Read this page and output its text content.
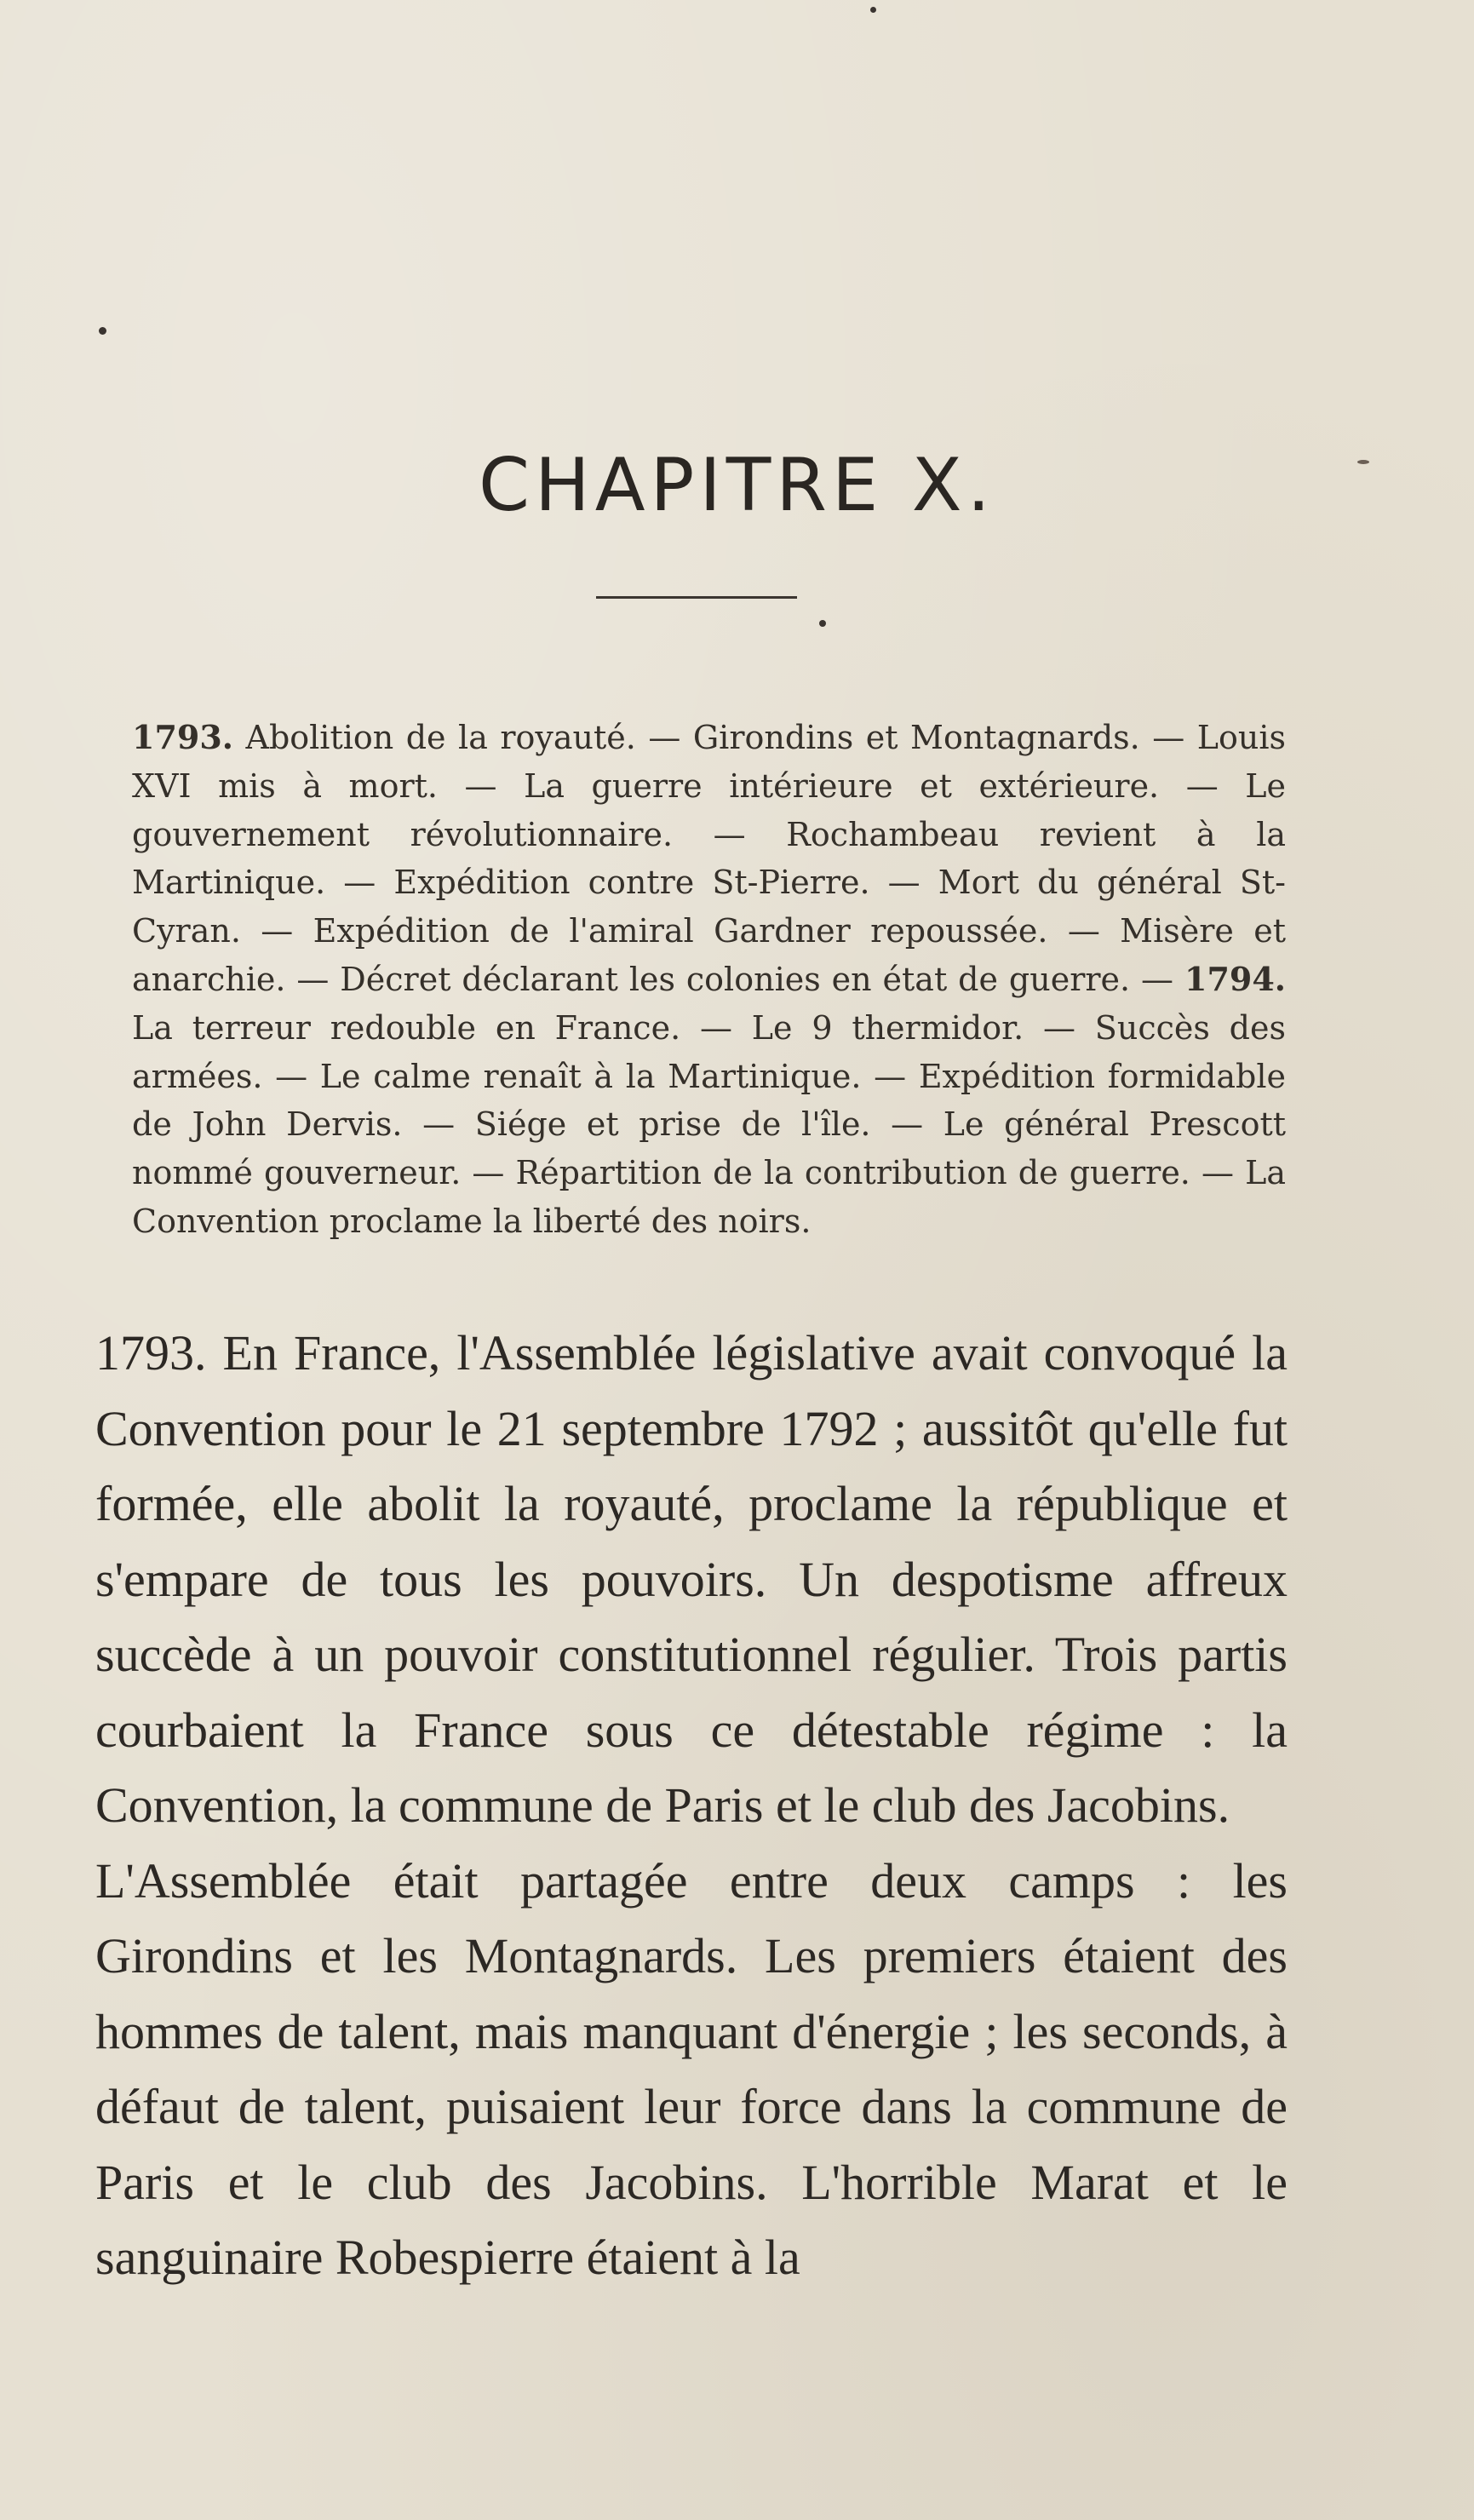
CHAPITRE X.

1793. Abolition de la royauté. — Girondins et Montagnards. — Louis XVI mis à mort. — La guerre intérieure et extérieure. — Le gouvernement révolutionnaire. — Rochambeau revient à la Martinique. — Expédition contre St-Pierre. — Mort du général St-Cyran. — Expédition de l'amiral Gardner repoussée. — Misère et anarchie. — Décret déclarant les colonies en état de guerre. — 1794. La terreur redouble en France. — Le 9 thermidor. — Succès des armées. — Le calme renaît à la Martinique. — Expédition formidable de John Dervis. — Siége et prise de l'île. — Le général Prescott nommé gouverneur. — Répartition de la contribution de guerre. — La Convention proclame la liberté des noirs.

1793. En France, l'Assemblée législative avait convoqué la Convention pour le 21 septembre 1792 ; aussitôt qu'elle fut formée, elle abolit la royauté, proclame la république et s'empare de tous les pouvoirs. Un despotisme affreux succède à un pouvoir constitutionnel régulier. Trois partis courbaient la France sous ce détestable régime : la Convention, la commune de Paris et le club des Jacobins.

L'Assemblée était partagée entre deux camps : les Girondins et les Montagnards. Les premiers étaient des hommes de talent, mais manquant d'énergie ; les seconds, à défaut de talent, puisaient leur force dans la commune de Paris et le club des Jacobins. L'horrible Marat et le sanguinaire Robespierre étaient à la
